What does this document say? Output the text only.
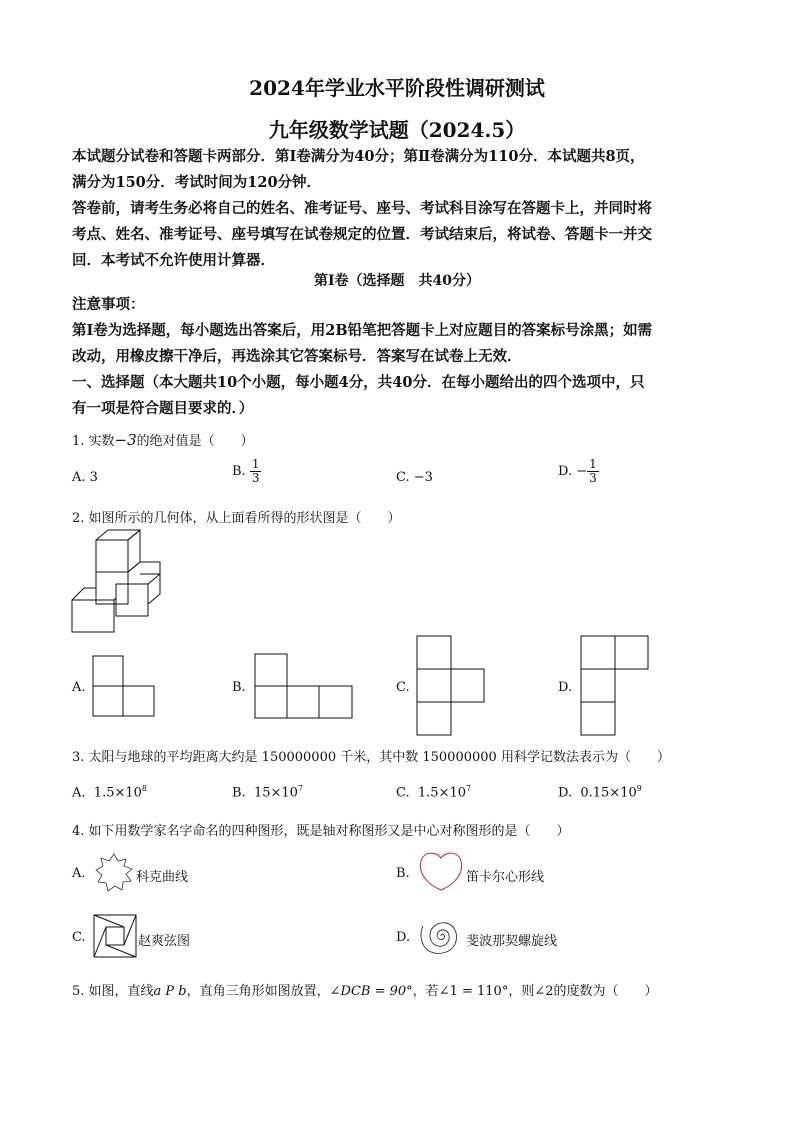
2024年学业水平阶段性调研测试
九年级数学试题（2024.5）
本试题分试卷和答题卡两部分．第Ⅰ卷满分为40分；第Ⅱ卷满分为110分．本试题共8页，
满分为150分．考试时间为120分钟．
答卷前，请考生务必将自己的姓名、准考证号、座号、考试科目涂写在答题卡上，并同时将
考点、姓名、准考证号、座号填写在试卷规定的位置．考试结束后，将试卷、答题卡一并交
回．本考试不允许使用计算器．
第Ⅰ卷（选择题　共40分）
注意事项：
第Ⅰ卷为选择题，每小题选出答案后，用2B铅笔把答题卡上对应题目的答案标号涂黑；如需
改动，用橡皮擦干净后，再选涂其它答案标号．答案写在试卷上无效．
一、选择题（本大题共10个小题，每小题4分，共40分．在每小题给出的四个选项中，只
有一项是符合题目要求的．）
1. 实数−3的绝对值是（　　）
A. 3	B. $\frac{1}{3}$	C. −3	D. − $\frac{1}{3}$
2. 如图所示的几何体，从上面看所得的形状图是（　　）
A.	B.	C.	D.
3. 太阳与地球的平均距离大约是 150000000 千米，其中数 150000000 用科学记数法表示为（　　）
A. $1.5\times 10^8$	B. $15\times 10^7$	C. $1.5\times 10^7$	D. $0.15\times 10^9$
4. 如下用数学家名字命名的四种图形，既是轴对称图形又是中心对称图形的是（　　）
A.	科克曲线	B.	笛卡尔心形线
C.	赵爽弦图	D.	斐波那契螺旋线
5. 如图，直线a P b，直角三角形如图放置，∠DCB = 90°，若∠1 = 110°，则∠2的度数为（　　）
